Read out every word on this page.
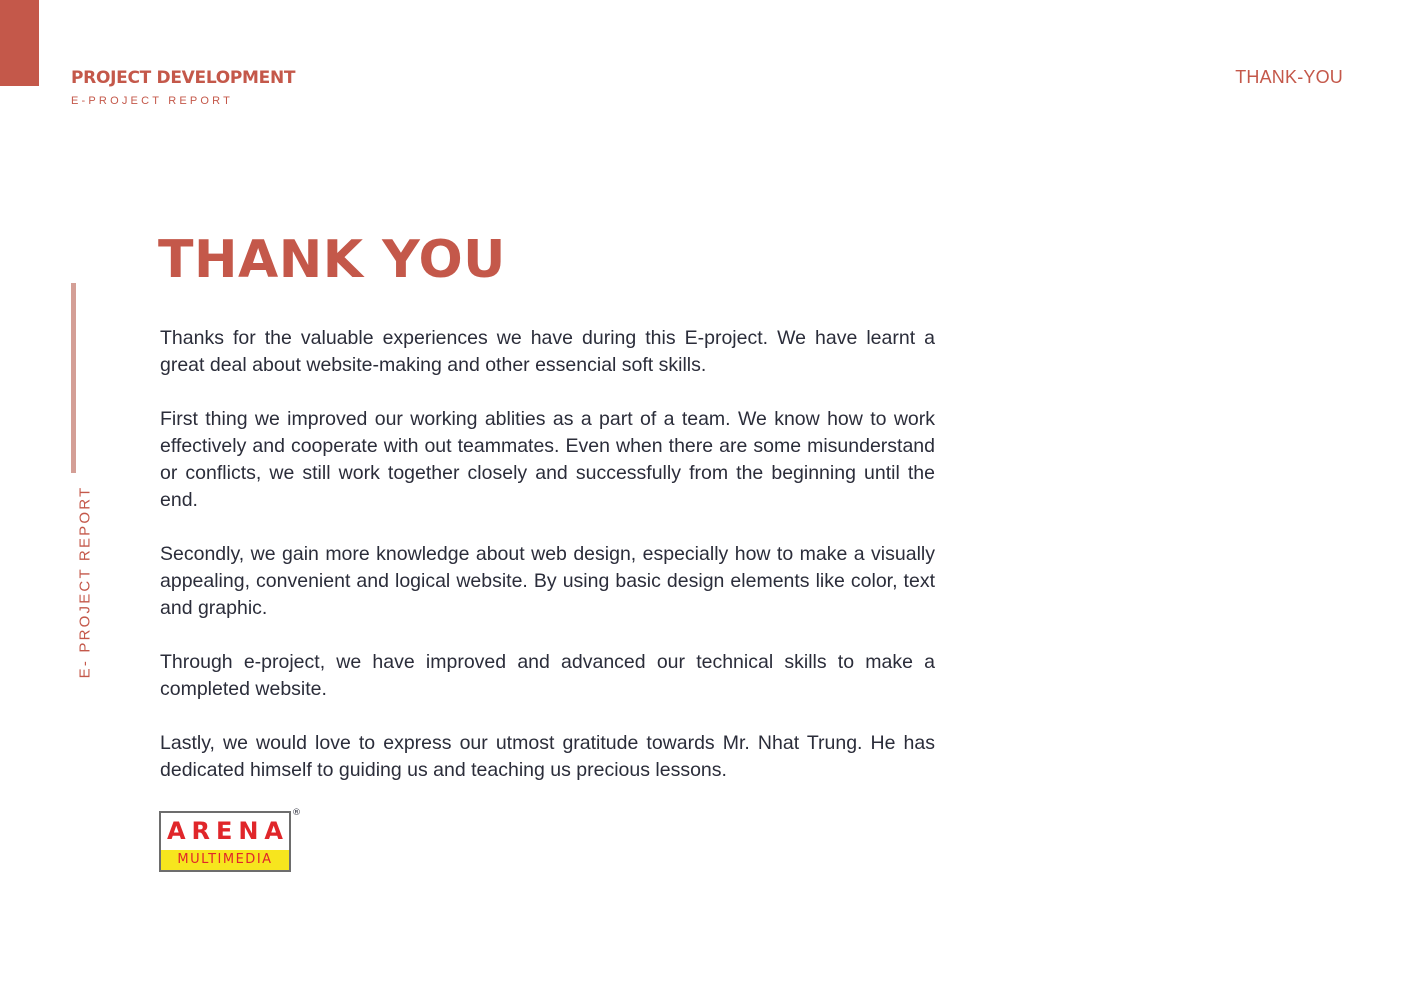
PROJECT DEVELOPMENT
E-PROJECT REPORT
THANK-YOU
E- PROJECT REPORT
THANK YOU

Thanks for the valuable experiences we have during this E-project. We have learnt a great deal about website-making and other essencial soft skills.

First thing we improved our working ablities as a part of a team. We know how to work effectively and cooperate with out teammates. Even when there are some misunderstand or conflicts, we still work together closely and successfully from the beginning until the end.

Secondly, we gain more knowledge about web design, especially how to make a visually appealing, convenient and logical website. By using basic design elements like color, text and graphic.

Through e-project, we have improved and advanced our technical skills to make a completed website.

Lastly, we would love to express our utmost gratitude towards Mr. Nhat Trung. He has dedicated himself to guiding us and teaching us precious lessons.

A R E N A
MULTIMEDIA
®
